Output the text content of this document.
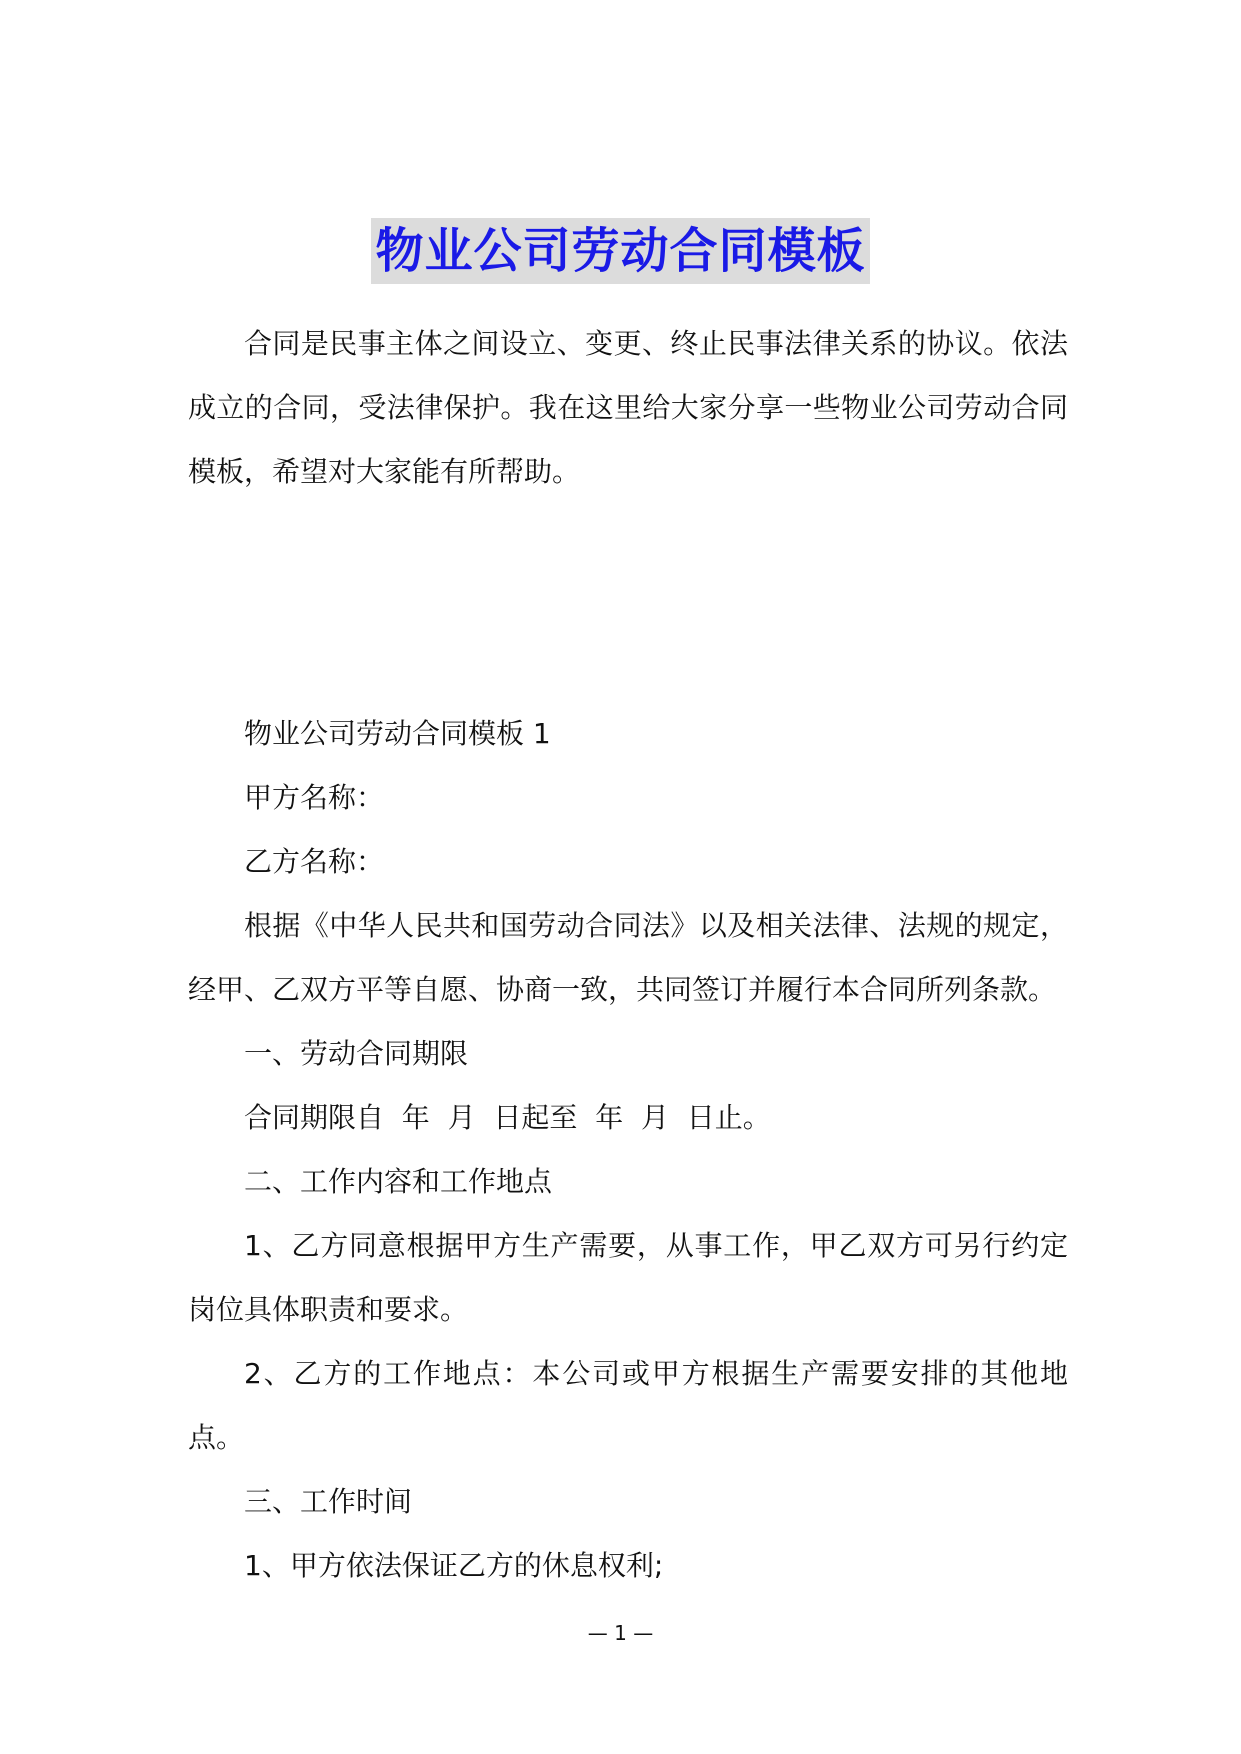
物业公司劳动合同模板

合同是民事主体之间设立、变更、终止民事法律关系的协议。依法成立的合同，受法律保护。我在这里给大家分享一些物业公司劳动合同模板，希望对大家能有所帮助。

物业公司劳动合同模板 1

甲方名称：

乙方名称：

根据《中华人民共和国劳动合同法》以及相关法律、法规的规定，经甲、乙双方平等自愿、协商一致，共同签订并履行本合同所列条款。

一、劳动合同期限

合同期限自  年  月  日起至  年  月  日止。

二、工作内容和工作地点

1、乙方同意根据甲方生产需要，从事工作，甲乙双方可另行约定岗位具体职责和要求。

2、乙方的工作地点：本公司或甲方根据生产需要安排的其他地点。

三、工作时间

1、甲方依法保证乙方的休息权利;

— 1 —
